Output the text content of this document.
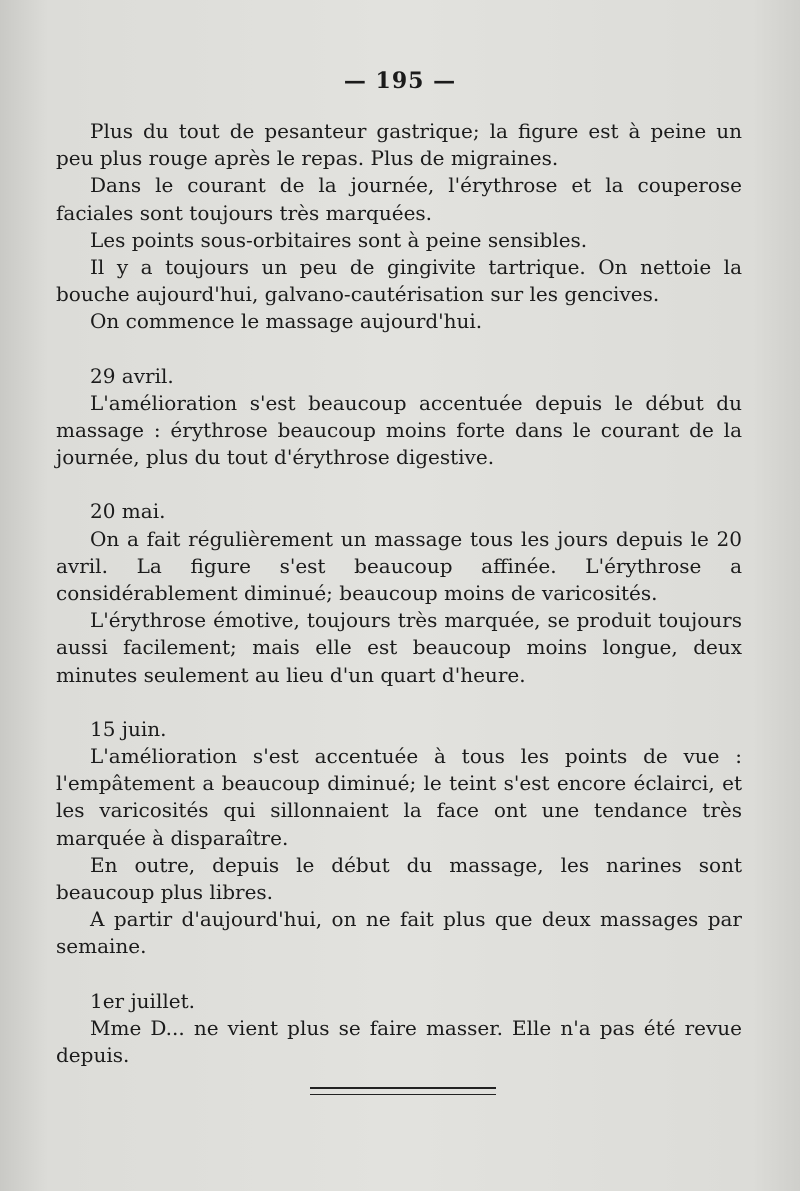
— 195 —

Plus du tout de pesanteur gastrique; la figure est à peine un peu plus rouge après le repas. Plus de migraines.

Dans le courant de la journée, l'érythrose et la couperose faciales sont toujours très marquées.

Les points sous-orbitaires sont à peine sensibles.

Il y a toujours un peu de gingivite tartrique. On nettoie la bouche aujourd'hui, galvano-cautérisation sur les gencives.

On commence le massage aujourd'hui.

29 avril.

L'amélioration s'est beaucoup accentuée depuis le début du massage : érythrose beaucoup moins forte dans le courant de la journée, plus du tout d'érythrose digestive.

20 mai.

On a fait régulièrement un massage tous les jours depuis le 20 avril. La figure s'est beaucoup affinée. L'érythrose a considérablement diminué; beaucoup moins de varicosités.

L'érythrose émotive, toujours très marquée, se produit toujours aussi facilement; mais elle est beaucoup moins longue, deux minutes seulement au lieu d'un quart d'heure.

15 juin.

L'amélioration s'est accentuée à tous les points de vue : l'empâtement a beaucoup diminué; le teint s'est encore éclairci, et les varicosités qui sillonnaient la face ont une tendance très marquée à disparaître.

En outre, depuis le début du massage, les narines sont beaucoup plus libres.

A partir d'aujourd'hui, on ne fait plus que deux massages par semaine.

1er juillet.

Mme D... ne vient plus se faire masser. Elle n'a pas été revue depuis.
